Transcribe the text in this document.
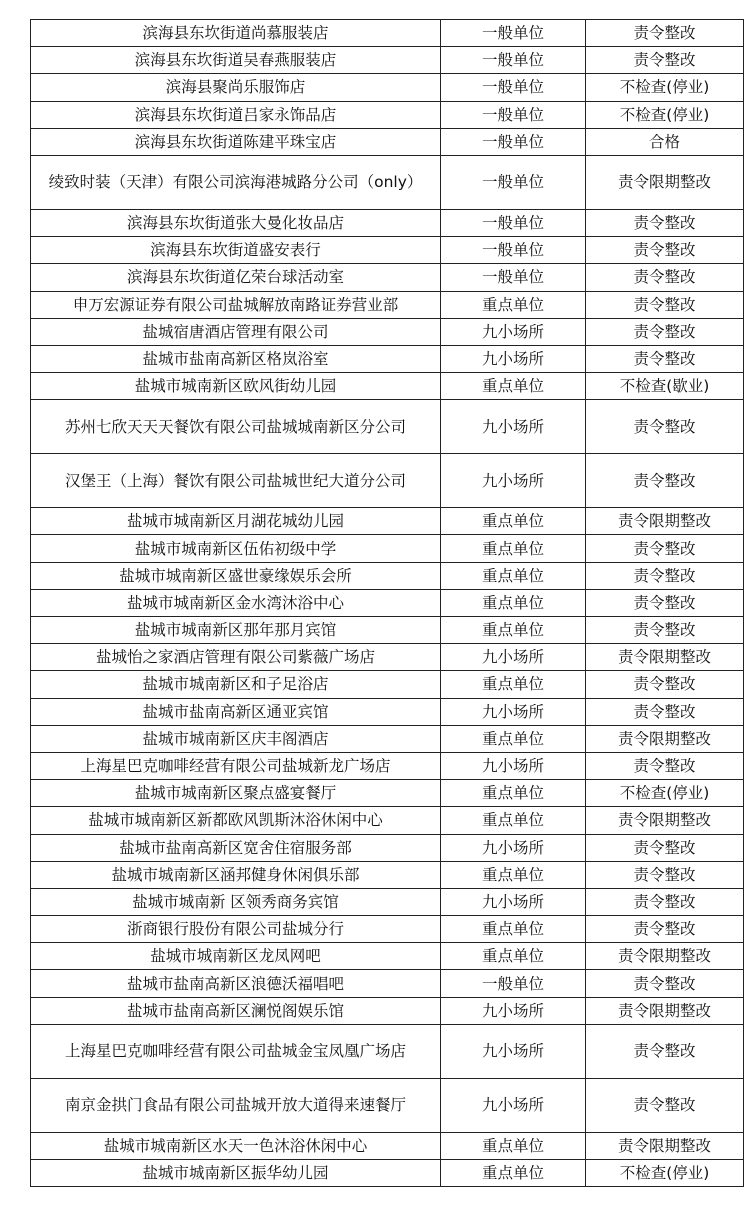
滨海县东坎街道尚慕服装店	一般单位	责令整改
滨海县东坎街道吴春燕服装店	一般单位	责令整改
滨海县聚尚乐服饰店	一般单位	不检查(停业)
滨海县东坎街道吕家永饰品店	一般单位	不检查(停业)
滨海县东坎街道陈建平珠宝店	一般单位	合格
绫致时装（天津）有限公司滨海港城路分公司（only）	一般单位	责令限期整改
滨海县东坎街道张大曼化妆品店	一般单位	责令整改
滨海县东坎街道盛安表行	一般单位	责令整改
滨海县东坎街道亿荣台球活动室	一般单位	责令整改
申万宏源证券有限公司盐城解放南路证券营业部	重点单位	责令整改
盐城宿唐酒店管理有限公司	九小场所	责令整改
盐城市盐南高新区格岚浴室	九小场所	责令整改
盐城市城南新区欧风街幼儿园	重点单位	不检查(歇业)
苏州七欣天天天餐饮有限公司盐城城南新区分公司	九小场所	责令整改
汉堡王（上海）餐饮有限公司盐城世纪大道分公司	九小场所	责令整改
盐城市城南新区月湖花城幼儿园	重点单位	责令限期整改
盐城市城南新区伍佑初级中学	重点单位	责令整改
盐城市城南新区盛世豪缘娱乐会所	重点单位	责令整改
盐城市城南新区金水湾沐浴中心	重点单位	责令整改
盐城市城南新区那年那月宾馆	重点单位	责令整改
盐城怡之家酒店管理有限公司紫薇广场店	九小场所	责令限期整改
盐城市城南新区和子足浴店	重点单位	责令整改
盐城市盐南高新区通亚宾馆	九小场所	责令整改
盐城市城南新区庆丰阁酒店	重点单位	责令限期整改
上海星巴克咖啡经营有限公司盐城新龙广场店	九小场所	责令整改
盐城市城南新区聚点盛宴餐厅	重点单位	不检查(停业)
盐城市城南新区新都欧风凯斯沐浴休闲中心	重点单位	责令限期整改
盐城市盐南高新区宽舍住宿服务部	九小场所	责令整改
盐城市城南新区涵邦健身休闲俱乐部	重点单位	责令整改
盐城市城南新 区领秀商务宾馆	九小场所	责令整改
浙商银行股份有限公司盐城分行	重点单位	责令整改
盐城市城南新区龙凤网吧	重点单位	责令限期整改
盐城市盐南高新区浪德沃福唱吧	一般单位	责令整改
盐城市盐南高新区澜悦阁娱乐馆	九小场所	责令限期整改
上海星巴克咖啡经营有限公司盐城金宝凤凰广场店	九小场所	责令整改
南京金拱门食品有限公司盐城开放大道得来速餐厅	九小场所	责令整改
盐城市城南新区水天一色沐浴休闲中心	重点单位	责令限期整改
盐城市城南新区振华幼儿园	重点单位	不检查(停业)
